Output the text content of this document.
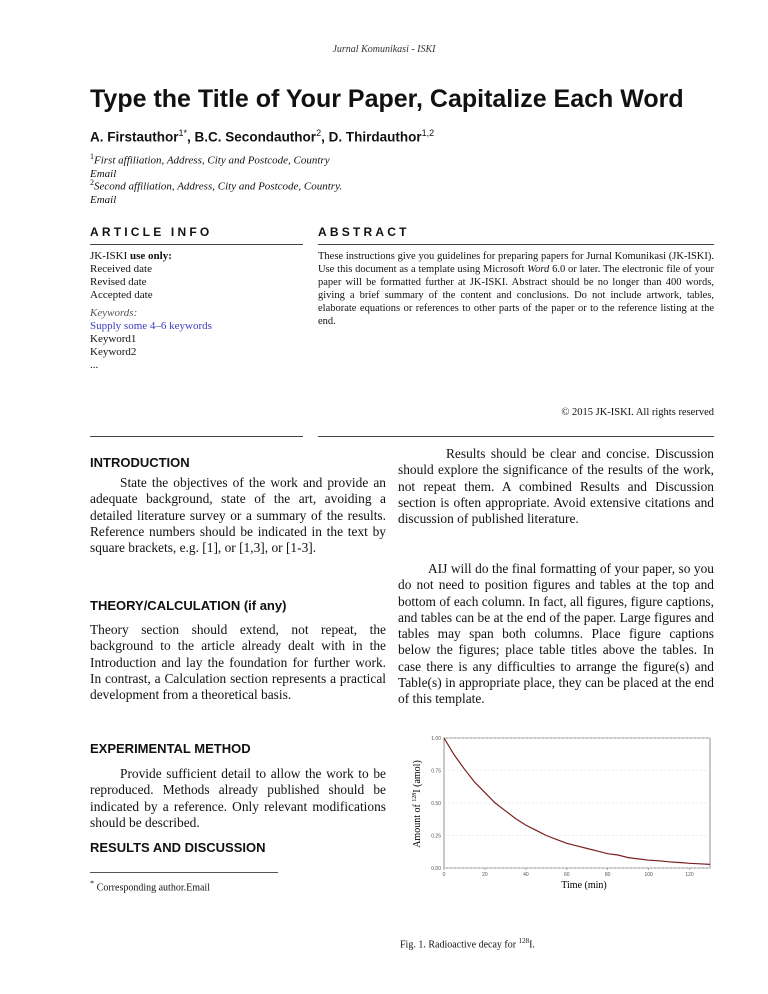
Jurnal Komunikasi - ISKI
Type the Title of Your Paper, Capitalize Each Word
A. Firstauthor$^{1*}$, B.C. Secondauthor$^2$, D. Thirdauthor$^{1,2}$
$^1$First affiliation, Address, City and Postcode, Country
Email
$^2$Second affiliation, Address, City and Postcode, Country.
Email
ARTICLE INFO
JK-ISKI use only:
Received date
Revised date
Accepted date
Keywords:
Supply some 4–6 keywords
Keyword1
Keyword2
...
ABSTRACT
These instructions give you guidelines for preparing papers for Jurnal Komunikasi (JK-ISKI). Use this document as a template using Microsoft Word 6.0 or later. The electronic file of your paper will be formatted further at JK-ISKI. Abstract should be no longer than 400 words, giving a brief summary of the content and conclusions. Do not include artwork, tables, elaborate equations or references to other parts of the paper or to the reference listing at the end.
© 2015 JK-ISKI. All rights reserved
INTRODUCTION
State the objectives of the work and provide an adequate background, state of the art, avoiding a detailed literature survey or a summary of the results. Reference numbers should be indicated in the text by square brackets, e.g. [1], or [1,3], or [1-3].
THEORY/CALCULATION (if any)
Theory section should extend, not repeat, the background to the article already dealt with in the Introduction and lay the foundation for further work. In contrast, a Calculation section represents a practical development from a theoretical basis.
EXPERIMENTAL METHOD
Provide sufficient detail to allow the work to be reproduced. Methods already published should be indicated by a reference. Only relevant modifications should be described.
RESULTS AND DISCUSSION
* Corresponding author.Email
Results should be clear and concise. Discussion should explore the significance of the results of the work, not repeat them. A combined Results and Discussion section is often appropriate. Avoid extensive citations and discussion of published literature.
AIJ will do the final formatting of your paper, so you do not need to position figures and tables at the top and bottom of each column. In fact, all figures, figure captions, and tables can be at the end of the paper. Large figures and tables may span both columns. Place figure captions below the figures; place table titles above the tables. In case there is any difficulties to arrange the figure(s) and Table(s) in appropriate place, they can be placed at the end of this template.
Amount of $^{128}$I (amol)
Time (min)
0.00
0.25
0.50
0.75
1.00
0	20	40	60	80	100	120
Fig. 1. Radioactive decay for $^{128}$I.
